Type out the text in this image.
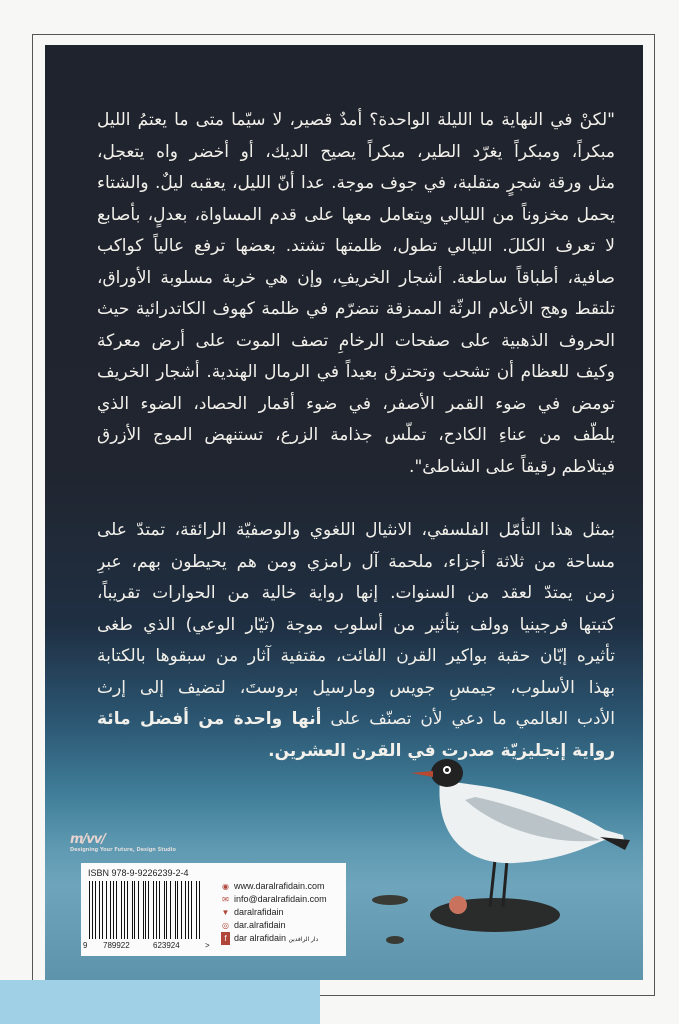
"لكنْ في النهاية ما الليلة الواحدة؟ أمدٌ قصير، لا سيّما متى ما يعتمُ الليل
مبكراً، ومبكراً يغرّد الطير، مبكراً يصيح الديك، أو أخضر واه يتعجل،
مثل ورقة شجرٍ متقلبة، في جوف موجة. عدا أنّ الليل، يعقبه ليلٌ. والشتاء
يحمل مخزوناً من الليالي ويتعامل معها على قدم المساواة، بعدلٍ، بأصابع
لا تعرف الكللَ. الليالي تطول، ظلمتها تشتد. بعضها ترفع عالياً كواكب
صافية، أطباقاً ساطعة. أشجار الخريفِ، وإن هي خربة مسلوبة الأوراق،
تلتقط وهج الأعلام الرثّة الممزقة نتضرّم في ظلمة كهوف الكاتدرائية حيث
الحروف الذهبية على صفحات الرخامِ تصف الموت على أرض معركة
وكيف للعظام أن تشحب وتحترق بعيداً في الرمال الهندية. أشجار الخريف
تومض في ضوء القمر الأصفر، في ضوء أقمار الحصاد، الضوء الذي
يلطّف من عناءِ الكادح، تملّس جذامة الزرع، تستنهض الموج الأزرق
فيتلاطم رقيقاً على الشاطئ".
بمثل هذا التأمّل الفلسفي، الانثيال اللغوي والوصفيّة الرائقة، تمتدّ على
مساحة من ثلاثة أجزاء، ملحمة آل رامزي ومن هم يحيطون بهم، عبرِ
زمن يمتدّ لعقد من السنوات. إنها رواية خالية من الحوارات تقريباً،
كتبتها فرجينيا وولف بتأثير من أسلوب موجة (تيّار الوعي) الذي طغى
تأثيره إبّان حقبة بواكير القرن الفائت، مقتفية آثار من سبقوها بالكتابة
بهذا الأسلوب، جيمسِ جويس ومارسيل بروستَ، لتضيف إلى إرث
الأدب العالمي ما دعي لأن تصنّف على أنها واحدة من أفضل مائة
رواية إنجليزيّة صدرت في القرن العشرين.
m/vv/
Designing Your Future, Design Studio
ISBN 978-9-9226239-2-4
9 789922	623924	>
◉ www.daralrafidain.com
✉ info@daralrafidain.com
▼ daralrafidain
◎ dar.alrafidain
f dar alrafidain دار الرافدين
